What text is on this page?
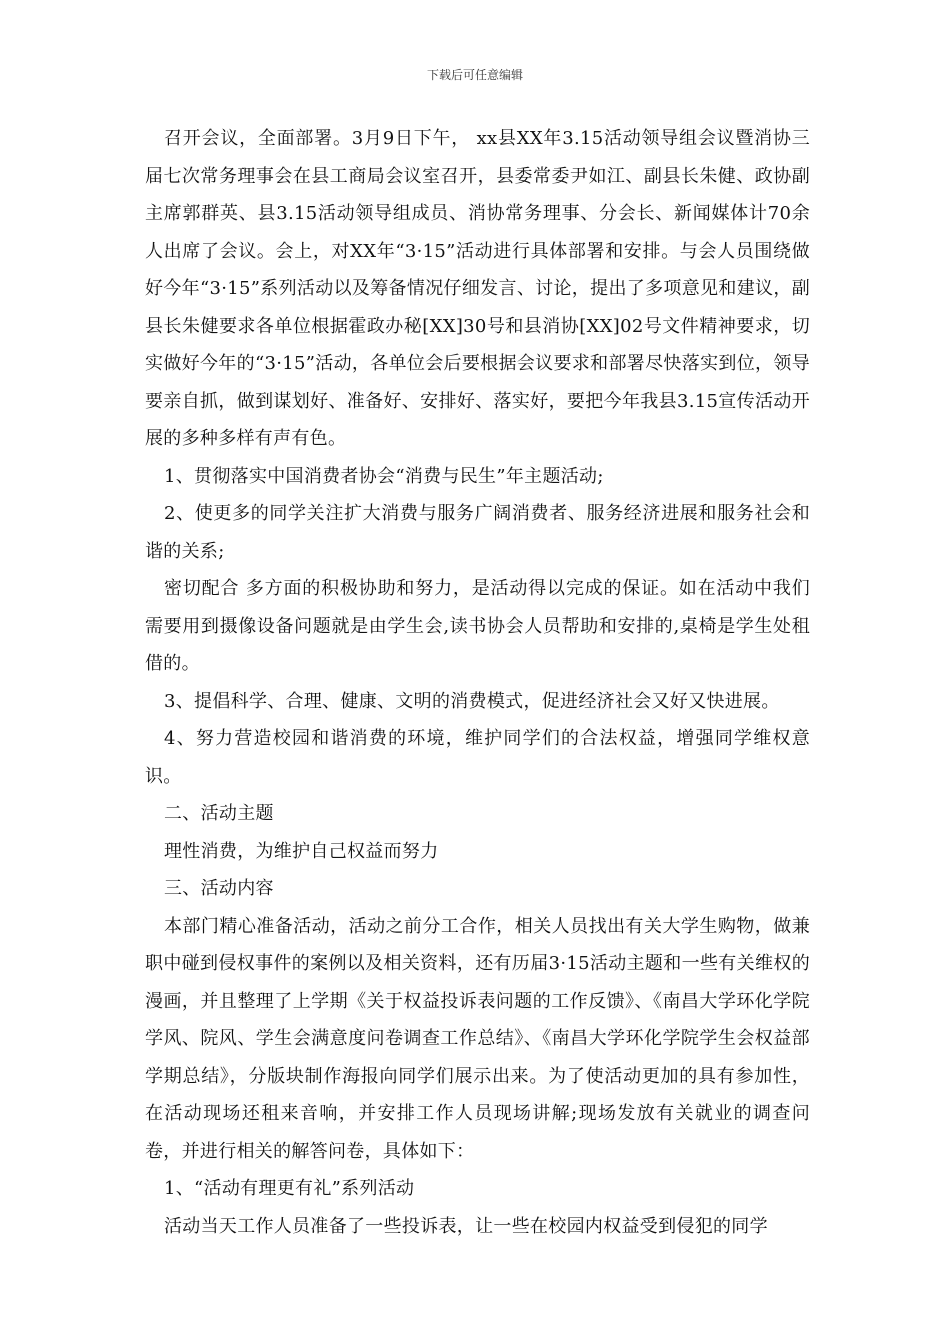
下载后可任意编辑

召开会议，全面部署。3月9日下午， xx县XX年3.15活动领导组会议暨消协三届七次常务理事会在县工商局会议室召开，县委常委尹如江、副县长朱健、政协副主席郭群英、县3.15活动领导组成员、消协常务理事、分会长、新闻媒体计70余人出席了会议。会上，对XX年“3·15”活动进行具体部署和安排。与会人员围绕做好今年“3·15”系列活动以及筹备情况仔细发言、讨论，提出了多项意见和建议，副县长朱健要求各单位根据霍政办秘[XX]30号和县消协[XX]02号文件精神要求，切实做好今年的“3·15”活动，各单位会后要根据会议要求和部署尽快落实到位，领导要亲自抓，做到谋划好、准备好、安排好、落实好，要把今年我县3.15宣传活动开展的多种多样有声有色。

1、贯彻落实中国消费者协会“消费与民生”年主题活动;

2、使更多的同学关注扩大消费与服务广阔消费者、服务经济进展和服务社会和谐的关系;

密切配合 多方面的积极协助和努力，是活动得以完成的保证。如在活动中我们需要用到摄像设备问题就是由学生会,读书协会人员帮助和安排的,桌椅是学生处租借的。

3、提倡科学、合理、健康、文明的消费模式，促进经济社会又好又快进展。

4、努力营造校园和谐消费的环境，维护同学们的合法权益，增强同学维权意识。

二、活动主题

理性消费，为维护自己权益而努力

三、活动内容

本部门精心准备活动，活动之前分工合作，相关人员找出有关大学生购物，做兼职中碰到侵权事件的案例以及相关资料，还有历届3·15活动主题和一些有关维权的漫画，并且整理了上学期《关于权益投诉表问题的工作反馈》、《南昌大学环化学院学风、院风、学生会满意度问卷调查工作总结》、《南昌大学环化学院学生会权益部学期总结》，分版块制作海报向同学们展示出来。为了使活动更加的具有参加性，在活动现场还租来音响，并安排工作人员现场讲解;现场发放有关就业的调查问卷，并进行相关的解答问卷，具体如下：

1、“活动有理更有礼”系列活动

活动当天工作人员准备了一些投诉表，让一些在校园内权益受到侵犯的同学
